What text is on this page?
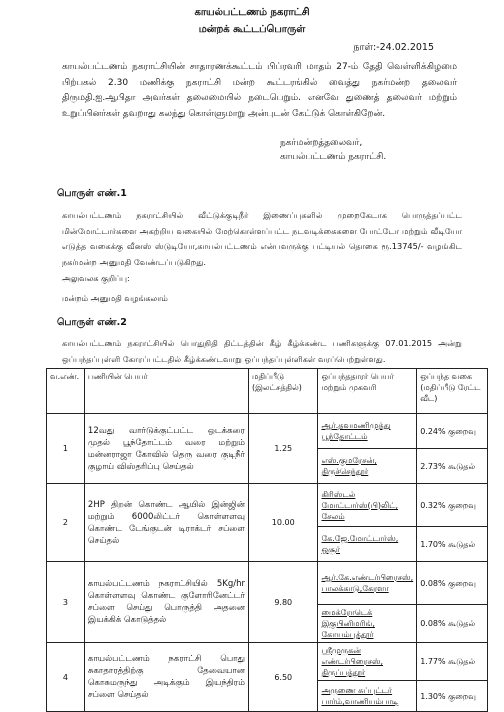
காயல்பட்டணம் நகராட்சி
மன்றக் கூட்டப்பொருள்
நாள்:-24.02.2015
காயல்பட்டணம் நகராட்சியின் சாதாரணக்கூட்டம் பிப்ரவரி மாதம் 27-ம் தேதி வெள்ளிக்கிழமை பிற்பகல் 2.30 மணிக்கு நகராட்சி மன்ற கூட்டரங்கில் வைத்து நகர்மன்ற தலைவர் திருமதி.ஐ.ஆபிதா அவர்கள் தலைமையில் நடைபெறும். எனவே துணைத் தலைவர் மற்றும் உறுப்பினர்கள் தவறாது கலந்து கொள்ளுமாறு அன்புடன் கேட்டுக் கொள்கிறேன்.
நகர்மன்றத்தலைவர்,
காயல்பட்டணம் நகராட்சி.
பொருள் எண்.1
காயல்பட்டணம் நகராட்சியில் வீட்டுக்குடிநீர் இணைப்புகளில் முறைகேடாக பொருத்தப்பட்ட மின்மோட்டார்களை அகற்றிய வகையில் மேற்கொள்ளப்பட்ட நடவடிக்கைகளை போட்டோ மற்றும் வீடியோ எடுத்த வகைக்கு வீனஸ் ஸ்டுடியோ,காயல்பட்டணம் என்பவருக்கு பட்டியல் தொகை ரூ.13745/- வழங்கிட நகர்மன்ற அனுமதி வேண்டப்படுகிறது.
அலுவலக குறிப்பு:
மன்றம் அனுமதி வழங்கலாம்
பொருள் எண்.2
காயல்பட்டணம் நகராட்சியில் பொதுநிதி திட்டத்தின் கீழ் கீழ்க்கண்ட பணிகளுக்கு 07.01.2015 அன்று ஒப்பந்தப்புள்ளி கோரப்பட்டதில் கீழ்க்கண்டவாறு ஒப்பந்தப்புள்ளிகள் வரப்பெற்றுள்ளது.
வ.எண்.	பணியின் பெயர்	மதிப்பீடு (இலட்சத்தில்)	ஒப்பந்ததாரர் பெயர் மற்றும் முகவரி	ஒப்பந்த வகை (மதிப்பீடு ரேட்ட வீட)
1	12வது வார்டுக்குட்பட்ட ஒடக்கரை முதல் பூந்தோட்டம் வரை மற்றும் மன்னராஜா கோவில் தெரு வரை குடிநீர் குழாய் விஸ்தரிப்பு செய்தல்	1.25	ஆர்.தவமணிமுத்து பூந்தோட்டம்	0.24% குறைவு
			எஸ்.குமரேசன், திருச்செந்தூர்	2.73% கூடுதல்
2	2HP திறன் கொண்ட ஆயில் இன்ஜின் மற்றும் 6000லிட்டர் கொள்ளளவு கொண்ட டேங்குடன் டிராக்டர் சப்ளை செய்தல்	10.00	கிரிஸ்டல் மோட்டார்ஸ்(பி)லிட், சேலம்	0.32% குறைவு
			கே.ஜே.மோட்டார்ஸ், ஒசூர்	1.70% கூடுதல்
3	காயல்பட்டணம் நகராட்சியில் 5Kg/hr கொள்ளளவு கொண்ட குளோரினேட்டர் சப்ளை செய்து பொருத்தி அதனை இயக்கிக் கொடுத்தல்	9.80	ஆர்.கே.எண்டர்பிரைசஸ், பாலக்காடு,கேரளா	0.08% குறைவு
			மைக்ரோடெக் இகுபினிமரிங், கோயம்புத்தூர்	0.08% கூடுதல்
4	காயல்பட்டணம் நகராட்சி பொது சுகாதாரத்திற்கு தேவையான கொசுமருந்து அடிக்கும் இயந்திரம் சப்ளை செய்தல்	6.50	ஸ்ரீமுருகன் எண்டர்பிரைசஸ், திருப்பத்தூர்	1.77% கூடுதல்
			அருணை சுப்புட்டர் பார்ம்,வாணியம்பாடி	1.30% குறைவு
